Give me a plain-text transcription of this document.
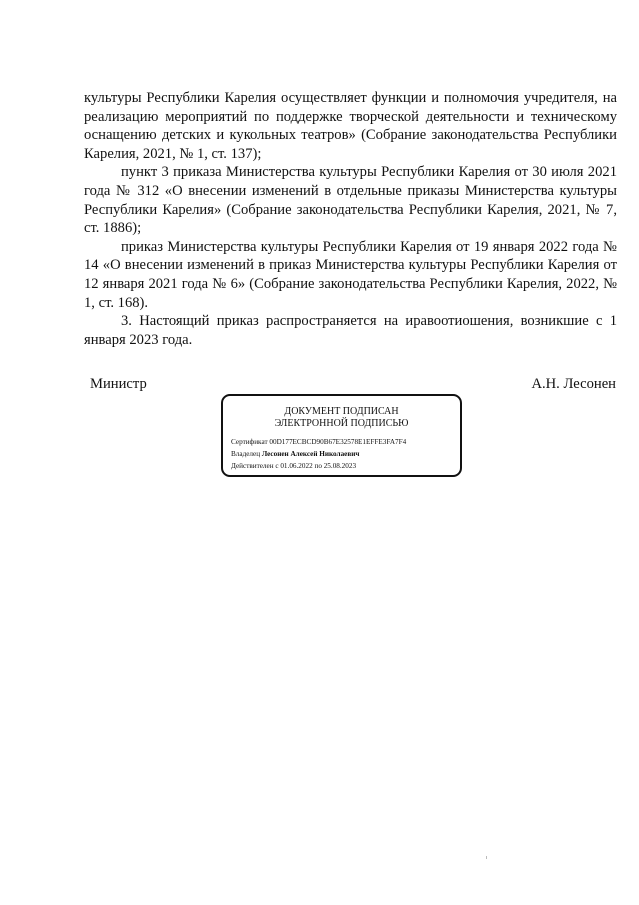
культуры Республики Карелия осуществляет функции и полномочия учредителя, на реализацию мероприятий по поддержке творческой деятельности и техническому оснащению детских и кукольных театров» (Собрание законодательства Республики Карелия, 2021, № 1, ст. 137);

пункт 3 приказа Министерства культуры Республики Карелия от 30 июля 2021 года № 312 «О внесении изменений в отдельные приказы Министерства культуры Республики Карелия» (Собрание законодательства Республики Карелия, 2021, № 7, ст. 1886);

приказ Министерства культуры Республики Карелия от 19 января 2022 года № 14 «О внесении изменений в приказ Министерства культуры Республики Карелия от 12 января 2021 года № 6» (Собрание законодательства Республики Карелия, 2022, № 1, ст. 168).

3. Настоящий приказ распространяется на иравоотиошения, возникшие с 1 января 2023 года.

Министр	А.Н. Лесонен
ДОКУМЕНТ ПОДПИСАН
ЭЛЕКТРОННОЙ ПОДПИСЬЮ
Сертификат 00D177ECBCD90B67E32578E1EFFE3FA7F4
Владелец Лесонен Алексей Николаевич
Действителен с 01.06.2022 по 25.08.2023
